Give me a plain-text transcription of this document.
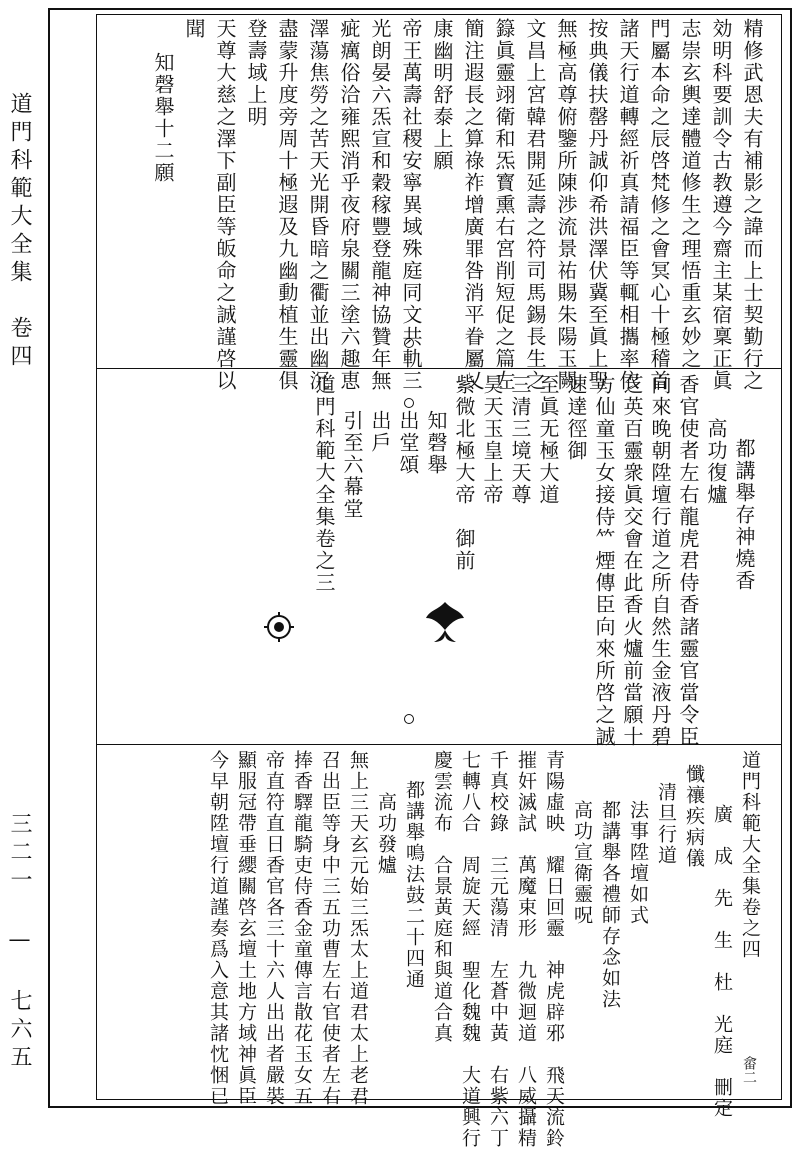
道門科範大全集　卷四
三二一 — 七六五
精修武恩夫有補影之諱而上士契勤行之
効明科要訓令古教遵今齋主某宿稟正眞
志崇玄輿達體道修生之理悟重玄妙之
門屬本命之辰啓梵修之會冥心十極稽首
諸天行道轉經祈真請福臣等輒相攜率依
按典儀扶罄丹誠仰希洪澤伏冀至眞上聖
無極高尊俯鑒所陳渉流景祐賜朱陽玉闕
文昌上宮韓君開延壽之符司馬錫長生之
籙眞靈翊衛和炁寳熏右宮削短促之篇左
簡注遐長之算祿祚增廣罪咎消平眷屬乂
康幽明舒泰上願
帝王萬壽社稷安寧異域殊庭同文共軌三
光朗晏六炁宣和穀稼豐登龍神協贊年無
疵癘俗洽雍熙消乎夜府泉關三塗六趣恵
澤蕩焦勞之苦天光開昏暗之衢並出幽沉
盡蒙升度旁周十極遐及九幽動植生靈俱
登壽域上明
天尊大慈之澤下副臣等皈命之誠謹啓以
聞
知磬舉十二願
都講舉存神燒香
高功復爐
香官使者左右龍虎君侍香諸靈官當令臣
向來晚朝陞壇行道之所自然生金液丹碧
芝英百靈衆眞交會在此香火爐前當願十
方仙童玉女接侍𥫗煙傳臣向來所啓之誠
速達徑御
至眞无極大道
三清三境天尊
昊天玉皇上帝
紫微北極大帝　御前
知磬舉
出堂頌
出戶
引至六幕堂
道門科範大全集卷之三
道門科範大全集卷之四
廣　成　先　生　杜　光庭　刪定
懺禳疾病儀
清旦行道
法事陞壇如式
都講舉各禮師存念如法
高功宣衛靈呪
青陽虛映　耀日回靈　神虎辟邪　飛天流鈴
摧奸滅試　萬魔束形　九微迴道　八威攝精
千真校錄　三元蕩清　左蒼中黃　右紫六丁
七轉八合　周旋天經　聖化魏魏　大道興行
慶雲流布　合景黃庭和與道合真
都講舉鳴法鼓二十四通
高功發爐
無上三天玄元始三炁太上道君太上老君
召出臣等身中三五功曹左右官使者左右
捧香驛龍騎吏侍香金童傳言散花玉女五
帝直符直日香官各三十六人出出者嚴裝
顯服冠帶垂纓關啓玄壇土地方域神眞臣
今早朝陞壇行道謹奏爲入意其諸忱悃已	畲二
